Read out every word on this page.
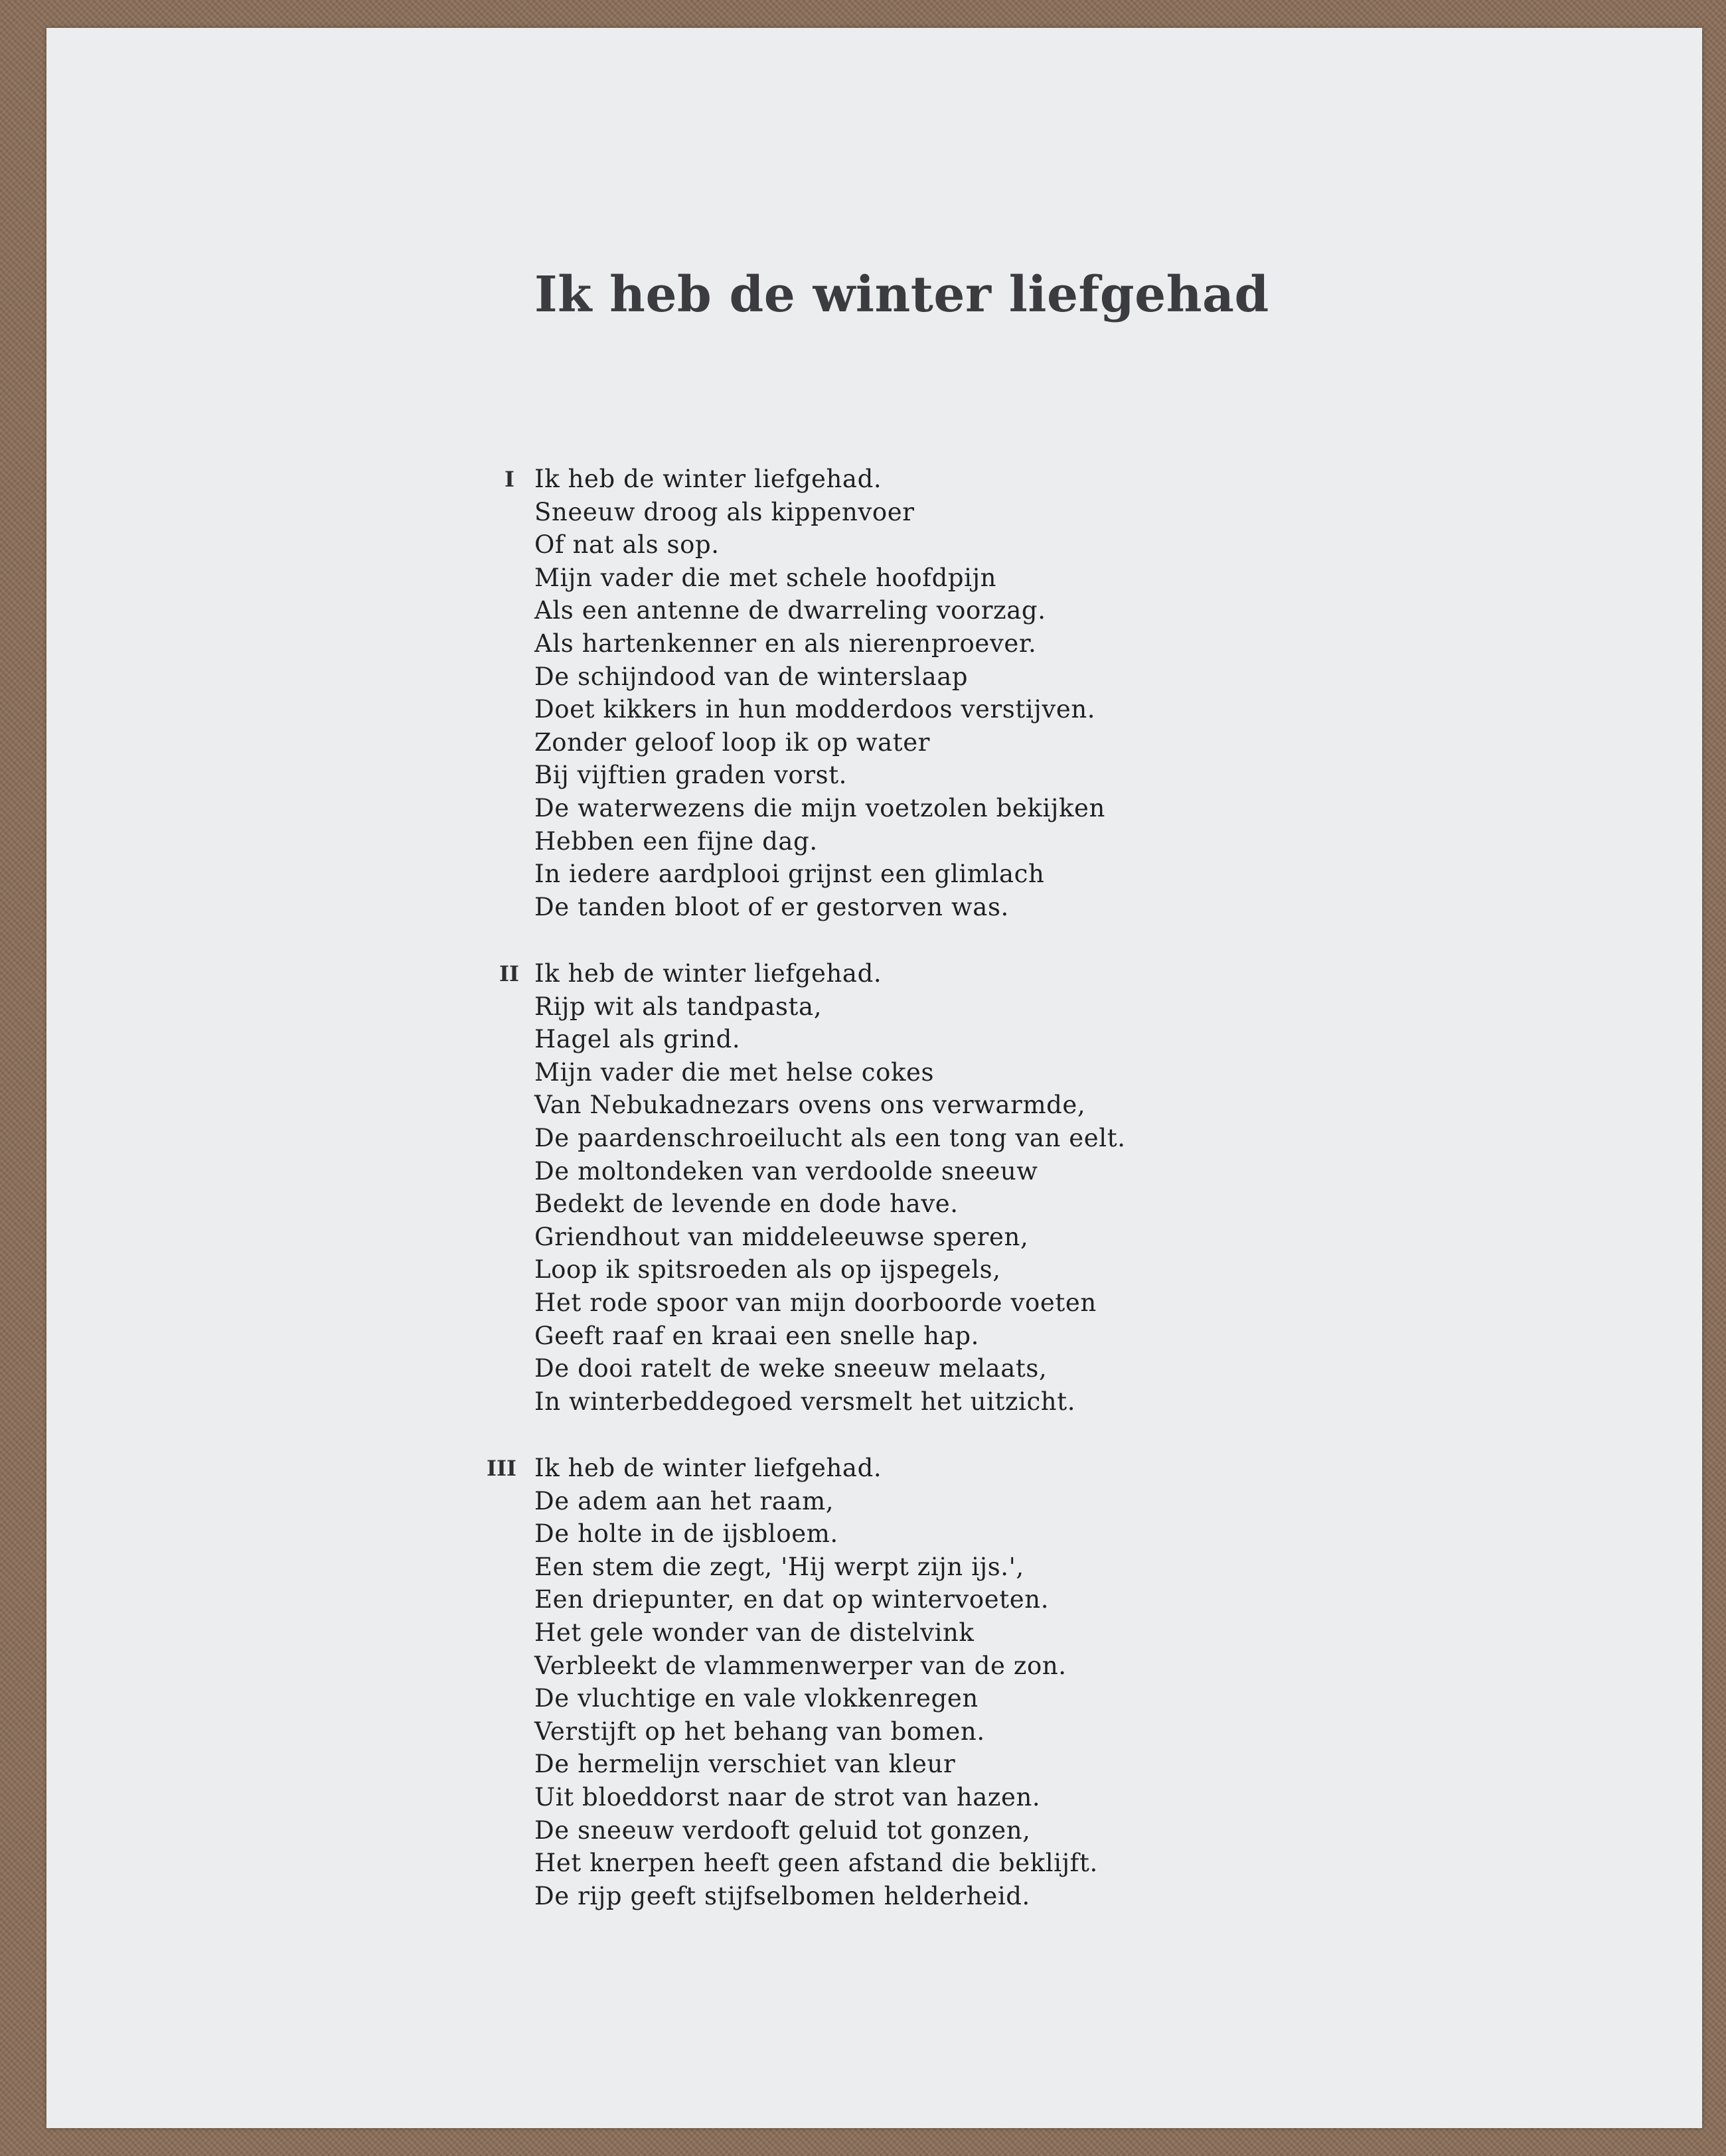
Ik heb de winter liefgehad
I Ik heb de winter liefgehad.
Sneeuw droog als kippenvoer
Of nat als sop.
Mijn vader die met schele hoofdpijn
Als een antenne de dwarreling voorzag.
Als hartenkenner en als nierenproever.
De schijndood van de winterslaap
Doet kikkers in hun modderdoos verstijven.
Zonder geloof loop ik op water
Bij vijftien graden vorst.
De waterwezens die mijn voetzolen bekijken
Hebben een fijne dag.
In iedere aardplooi grijnst een glimlach
De tanden bloot of er gestorven was.
II Ik heb de winter liefgehad.
Rijp wit als tandpasta,
Hagel als grind.
Mijn vader die met helse cokes
Van Nebukadnezars ovens ons verwarmde,
De paardenschroeilucht als een tong van eelt.
De moltondeken van verdoolde sneeuw
Bedekt de levende en dode have.
Griendhout van middeleeuwse speren,
Loop ik spitsroeden als op ijspegels,
Het rode spoor van mijn doorboorde voeten
Geeft raaf en kraai een snelle hap.
De dooi ratelt de weke sneeuw melaats,
In winterbeddegoed versmelt het uitzicht.
III Ik heb de winter liefgehad.
De adem aan het raam,
De holte in de ijsbloem.
Een stem die zegt, 'Hij werpt zijn ijs.',
Een driepunter, en dat op wintervoeten.
Het gele wonder van de distelvink
Verbleekt de vlammenwerper van de zon.
De vluchtige en vale vlokkenregen
Verstijft op het behang van bomen.
De hermelijn verschiet van kleur
Uit bloeddorst naar de strot van hazen.
De sneeuw verdooft geluid tot gonzen,
Het knerpen heeft geen afstand die beklijft.
De rijp geeft stijfselbomen helderheid.
